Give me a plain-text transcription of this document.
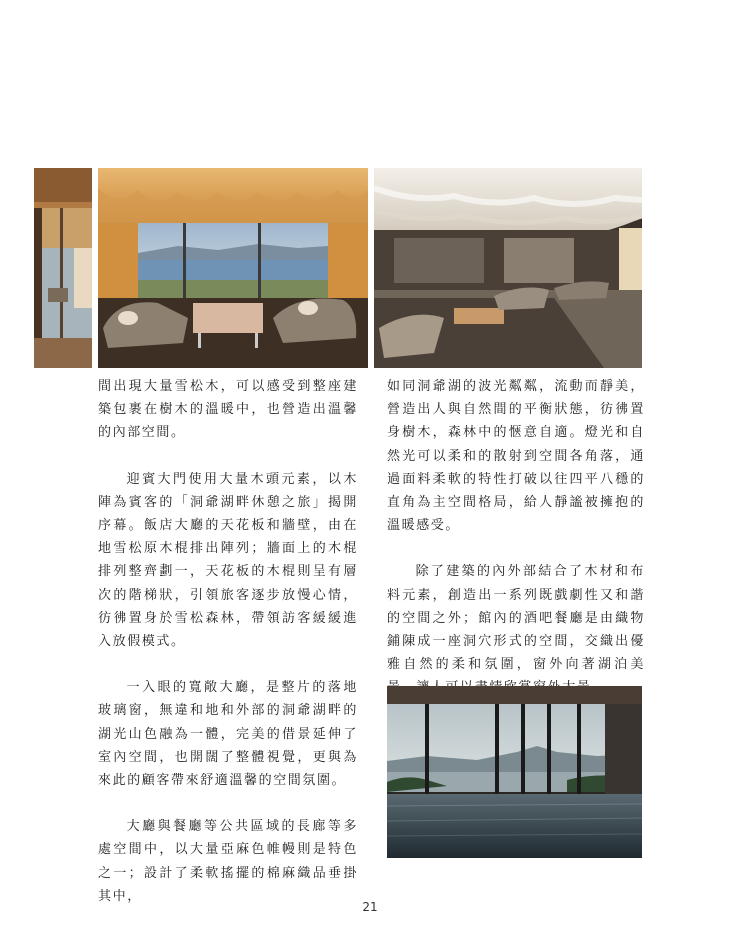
間出現大量雪松木，可以感受到整座建築包裹在樹木的溫暖中，也營造出溫馨的內部空間。

迎賓大門使用大量木頭元素，以木陣為賓客的「洞爺湖畔休憩之旅」揭開序幕。飯店大廳的天花板和牆壁，由在地雪松原木棍排出陣列；牆面上的木棍排列整齊劃一，天花板的木棍則呈有層次的階梯狀，引領旅客逐步放慢心情，彷彿置身於雪松森林，帶領訪客緩緩進入放假模式。

一入眼的寬敞大廳，是整片的落地玻璃窗，無違和地和外部的洞爺湖畔的湖光山色融為一體，完美的借景延伸了室內空間，也開闊了整體視覺，更與為來此的顧客帶來舒適溫馨的空間氛圍。

大廳與餐廳等公共區域的長廊等多處空間中，以大量亞麻色帷幔則是特色之一；設計了柔軟搖擺的棉麻織品垂掛其中，

如同洞爺湖的波光粼粼，流動而靜美，營造出人與自然間的平衡狀態，彷彿置身樹木，森林中的愜意自適。燈光和自然光可以柔和的散射到空間各角落，通過面料柔軟的特性打破以往四平八穩的直角為主空間格局，給人靜謐被擁抱的溫暖感受。

除了建築的內外部結合了木材和布料元素，創造出一系列既戲劇性又和諧的空間之外；館內的酒吧餐廳是由織物鋪陳成一座洞穴形式的空間，交織出優雅自然的柔和氛圍，窗外向著湖泊美

21
